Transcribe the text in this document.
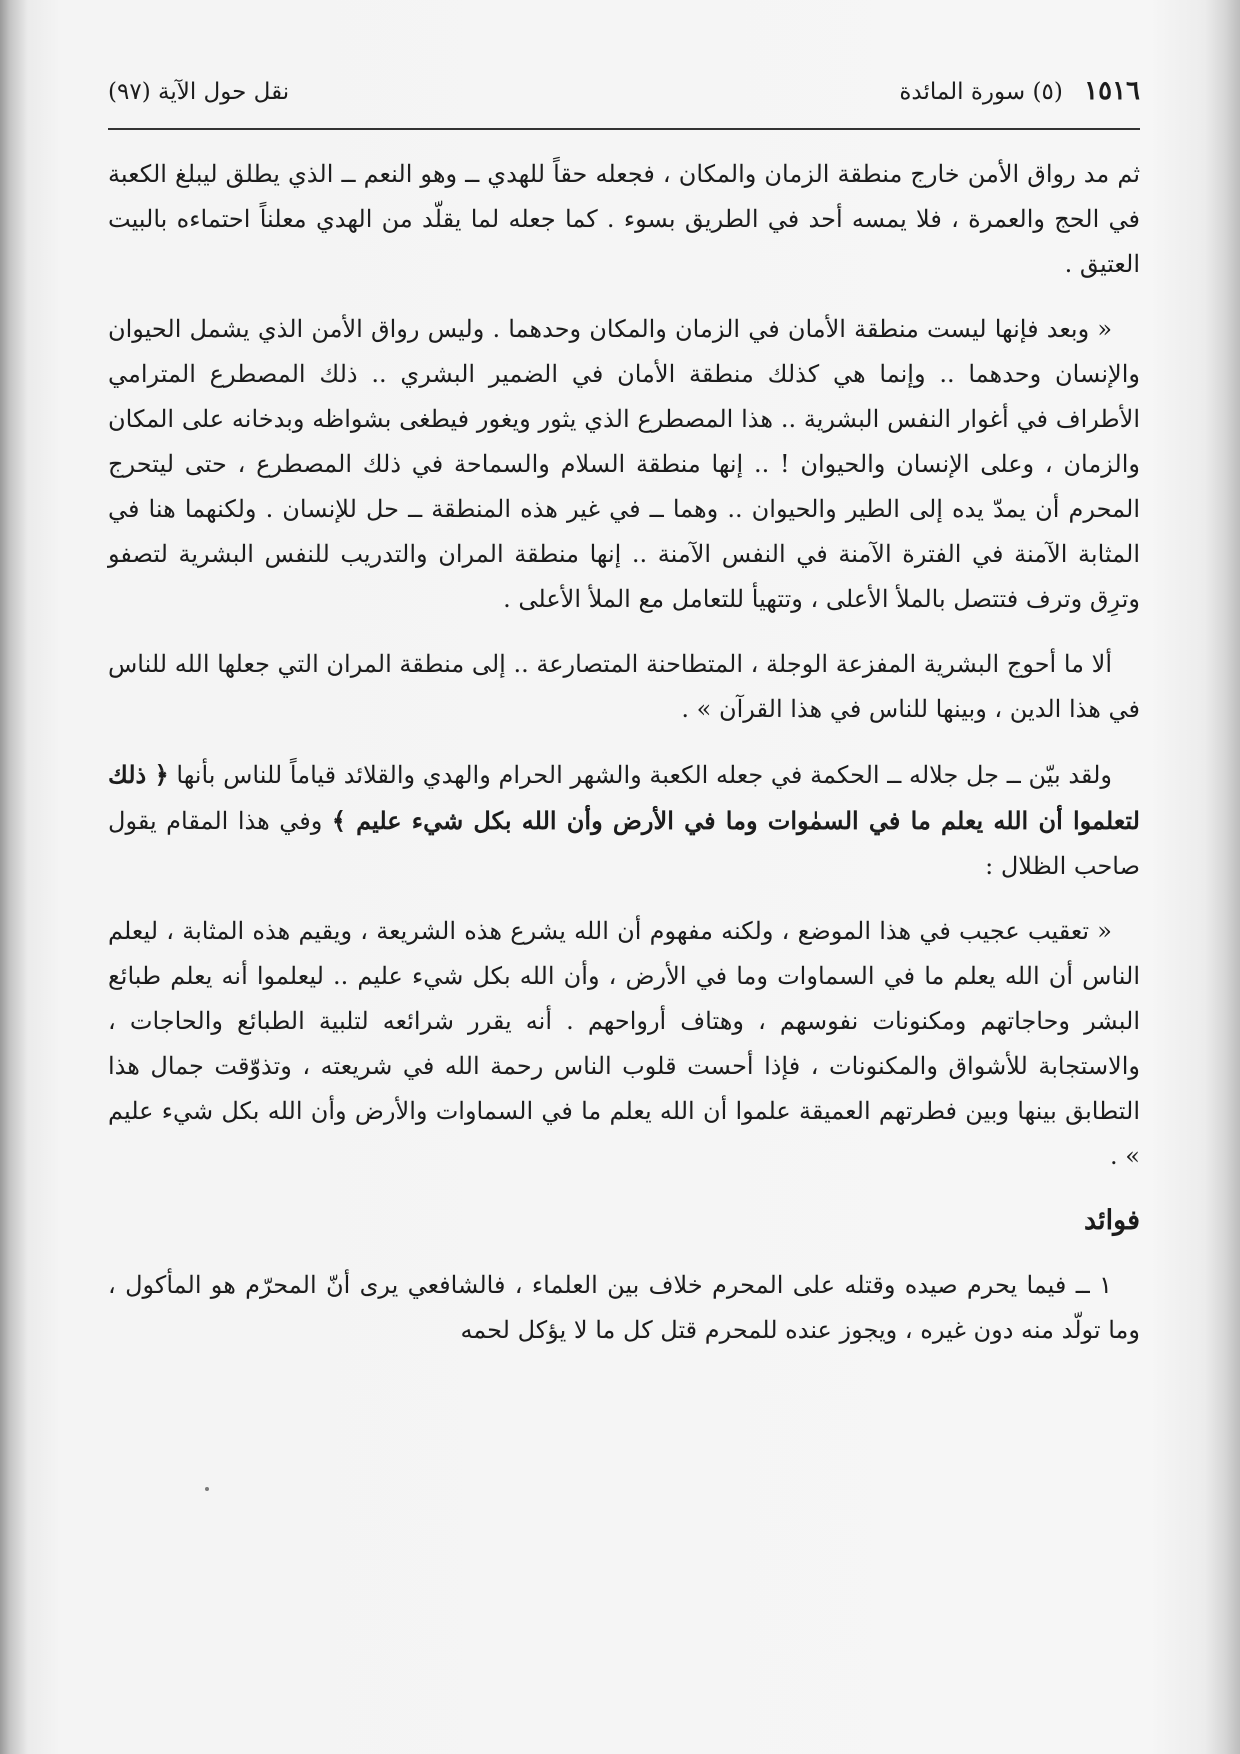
١٥١٦ (٥) سورة المائدة
نقل حول الآية (٩٧)

ثم مد رواق الأمن خارج منطقة الزمان والمكان ، فجعله حقاً للهدي ــ وهو النعم ــ الذي يطلق ليبلغ الكعبة في الحج والعمرة ، فلا يمسه أحد في الطريق بسوء . كما جعله لما يقلّد من الهدي معلناً احتماءه بالبيت العتيق .

« وبعد فإنها ليست منطقة الأمان في الزمان والمكان وحدهما . وليس رواق الأمن الذي يشمل الحيوان والإنسان وحدهما .. وإنما هي كذلك منطقة الأمان في الضمير البشري .. ذلك المصطرع المترامي الأطراف في أغوار النفس البشرية .. هذا المصطرع الذي يثور ويغور فيطغى بشواظه وبدخانه على المكان والزمان ، وعلى الإنسان والحيوان ! .. إنها منطقة السلام والسماحة في ذلك المصطرع ، حتى ليتحرج المحرم أن يمدّ يده إلى الطير والحيوان .. وهما ــ في غير هذه المنطقة ــ حل للإنسان . ولكنهما هنا في المثابة الآمنة في الفترة الآمنة في النفس الآمنة .. إنها منطقة المران والتدريب للنفس البشرية لتصفو وترِق وترف فتتصل بالملأ الأعلى ، وتتهيأ للتعامل مع الملأ الأعلى .

ألا ما أحوج البشرية المفزعة الوجلة ، المتطاحنة المتصارعة .. إلى منطقة المران التي جعلها الله للناس في هذا الدين ، وبينها للناس في هذا القرآن » .

ولقد بيّن ــ جل جلاله ــ الحكمة في جعله الكعبة والشهر الحرام والهدي والقلائد قياماً للناس بأنها ﴿ ذلك لتعلموا أن الله يعلم ما في السمٰوات وما في الأرض وأن الله بكل شيء عليم ﴾ وفي هذا المقام يقول صاحب الظلال :

« تعقيب عجيب في هذا الموضع ، ولكنه مفهوم أن الله يشرع هذه الشريعة ، ويقيم هذه المثابة ، ليعلم الناس أن الله يعلم ما في السماوات وما في الأرض ، وأن الله بكل شيء عليم .. ليعلموا أنه يعلم طبائع البشر وحاجاتهم ومكنونات نفوسهم ، وهتاف أرواحهم . أنه يقرر شرائعه لتلبية الطبائع والحاجات ، والاستجابة للأشواق والمكنونات ، فإذا أحست قلوب الناس رحمة الله في شريعته ، وتذوّقت جمال هذا التطابق بينها وبين فطرتهم العميقة علموا أن الله يعلم ما في السماوات والأرض وأن الله بكل شيء عليم » .

فوائد

١ ــ فيما يحرم صيده وقتله على المحرم خلاف بين العلماء ، فالشافعي يرى أنّ المحرّم هو المأكول ، وما تولّد منه دون غيره ، ويجوز عنده للمحرم قتل كل ما لا يؤكل لحمه
